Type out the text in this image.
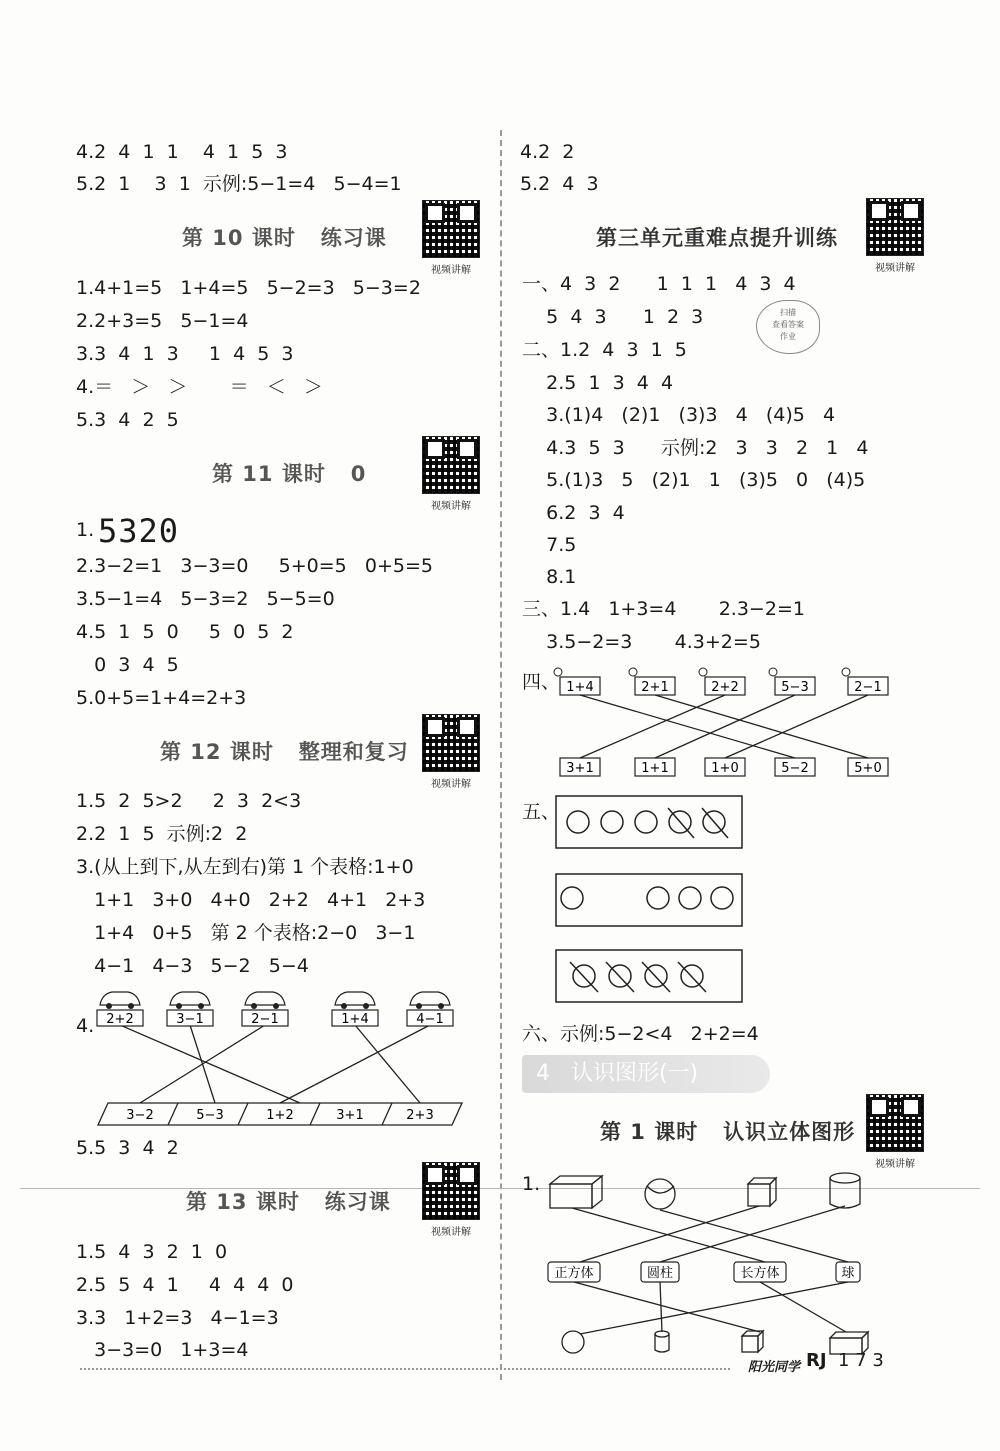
4.2  4  1  1    4  1  5  3
5.2  1    3  1  示例:5−1=4   5−4=1
第 10 课时   练习课
视频讲解
1.4+1=5   1+4=5   5−2=3   5−3=2
2.2+3=5   5−1=4
3.3  4  1  3     1  4  5  3
4.＝   ＞   ＞       ＝   ＜   ＞
5.3  4  2  5
第 11 课时   0
视频讲解
1. 5320
2.3−2=1   3−3=0     5+0=5   0+5=5
3.5−1=4   5−3=2   5−5=0
4.5  1  5  0     5  0  5  2
0  3  4  5
5.0+5=1+4=2+3
第 12 课时   整理和复习
视频讲解
1.5  2  5>2     2  3  2<3
2.2  1  5  示例:2  2
3.(从上到下,从左到右)第 1 个表格:1+0
1+1   3+0   4+0   2+2   4+1   2+3
1+4   0+5   第 2 个表格:2−0   3−1
4−1   4−3   5−2   5−4
4. 2+2	3−1	2−1	1+4	4−1
3−2	5−3	1+2	3+1	2+3
5.5  3  4  2
第 13 课时   练习课
视频讲解
1.5  4  3  2  1  0
2.5  5  4  1     4  4  4  0
3.3   1+2=3   4−1=3
3−3=0   1+3=4
4.2  2
5.2  4  3
第三单元重难点提升训练
视频讲解
一、4  3  2      1  1  1   4  3  4
5  4  3      1  2  3	扫描
查看答案
作业
二、1.2  4  3  1  5
2.5  1  3  4  4
3.(1)4   (2)1   (3)3   4   (4)5   4
4.3  5  3      示例:2   3   3   2   1   4
5.(1)3   5   (2)1   1   (3)5   0   (4)5
6.2  3  4
7.5
8.1
三、1.4   1+3=4       2.3−2=1
3.5−2=3       4.3+2=5
四、 1+4	2+1	2+2	5−3	2−1
3+1	1+1	1+0	5−2	5+0
五、
六、示例:5−2<4   2+2=4
4   认识图形(一)
第 1 课时   认识立体图形
视频讲解
1.
正方体	圆柱	长方体	球
阳光同学 RJ 1 7 3
